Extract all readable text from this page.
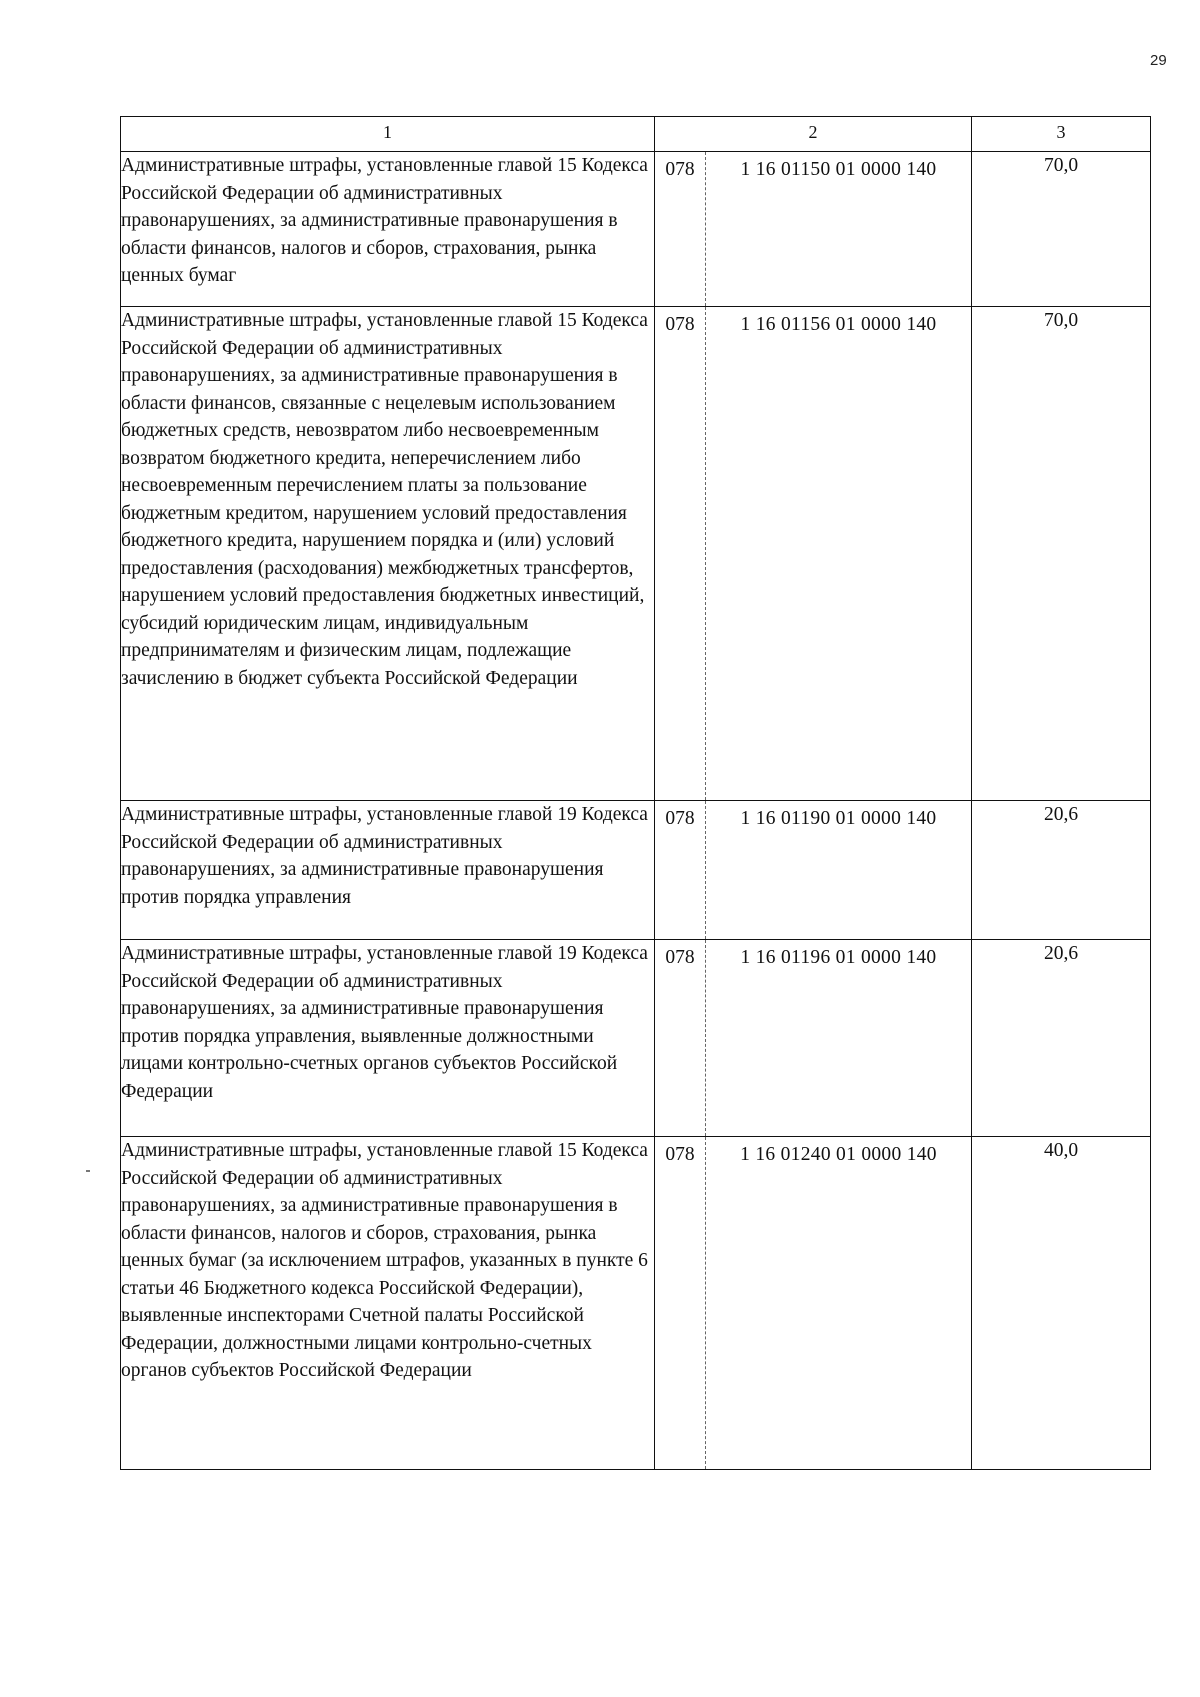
29
1	2	3
Административные штрафы, установленные главой 15 Кодекса Российской Федерации об административных правонарушениях, за административные правонарушения в области финансов, налогов и сборов, страхования, рынка ценных бумаг	078 1 16 01150 01 0000 140	70,0
Административные штрафы, установленные главой 15 Кодекса Российской Федерации об административных правонарушениях, за административные правонарушения в области финансов, связанные с нецелевым использованием бюджетных средств, невозвратом либо несвоевременным возвратом бюджетного кредита, неперечислением либо несвоевременным перечислением платы за пользование бюджетным кредитом, нарушением условий предоставления бюджетного кредита, нарушением порядка и (или) условий предоставления (расходования) межбюджетных трансфертов, нарушением условий предоставления бюджетных инвестиций, субсидий юридическим лицам, индивидуальным предпринимателям и физическим лицам, подлежащие зачислению в бюджет субъекта Российской Федерации	078 1 16 01156 01 0000 140	70,0
Административные штрафы, установленные главой 19 Кодекса Российской Федерации об административных правонарушениях, за административные правонарушения против порядка управления	078 1 16 01190 01 0000 140	20,6
Административные штрафы, установленные главой 19 Кодекса Российской Федерации об административных правонарушениях, за административные правонарушения против порядка управления, выявленные должностными лицами контрольно-счетных органов субъектов Российской Федерации	078 1 16 01196 01 0000 140	20,6
Административные штрафы, установленные главой 15 Кодекса Российской Федерации об административных правонарушениях, за административные правонарушения в области финансов, налогов и сборов, страхования, рынка ценных бумаг (за исключением штрафов, указанных в пункте 6 статьи 46 Бюджетного кодекса Российской Федерации), выявленные инспекторами Счетной палаты Российской Федерации, должностными лицами контрольно-счетных органов субъектов Российской Федерации	078 1 16 01240 01 0000 140	40,0
